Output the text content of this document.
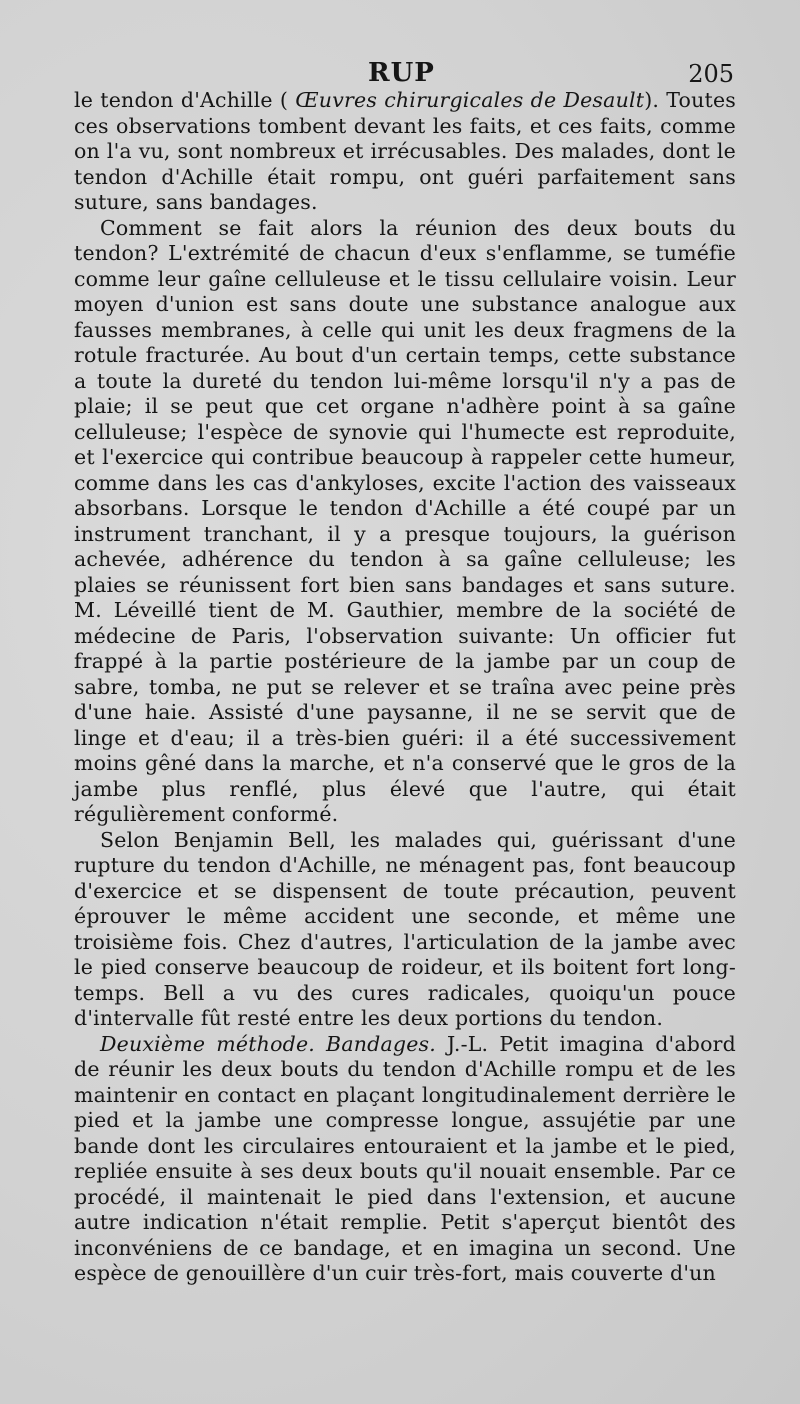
RUP	205

le tendon d'Achille ( Œuvres chirurgicales de Desault). Toutes ces observations tombent devant les faits, et ces faits, comme on l'a vu, sont nombreux et irrécusables. Des malades, dont le tendon d'Achille était rompu, ont guéri parfaitement sans suture, sans bandages.

Comment se fait alors la réunion des deux bouts du tendon? L'extrémité de chacun d'eux s'enflamme, se tuméfie comme leur gaîne celluleuse et le tissu cellulaire voisin. Leur moyen d'union est sans doute une substance analogue aux fausses membranes, à celle qui unit les deux fragmens de la rotule fracturée. Au bout d'un certain temps, cette substance a toute la dureté du tendon lui-même lorsqu'il n'y a pas de plaie; il se peut que cet organe n'adhère point à sa gaîne celluleuse; l'espèce de synovie qui l'humecte est reproduite, et l'exercice qui contribue beaucoup à rappeler cette humeur, comme dans les cas d'ankyloses, excite l'action des vaisseaux absorbans. Lorsque le tendon d'Achille a été coupé par un instrument tranchant, il y a presque toujours, la guérison achevée, adhérence du tendon à sa gaîne celluleuse; les plaies se réunissent fort bien sans bandages et sans suture. M. Léveillé tient de M. Gauthier, membre de la société de médecine de Paris, l'observation suivante: Un officier fut frappé à la partie postérieure de la jambe par un coup de sabre, tomba, ne put se relever et se traîna avec peine près d'une haie. Assisté d'une paysanne, il ne se servit que de linge et d'eau; il a très-bien guéri: il a été successivement moins gêné dans la marche, et n'a conservé que le gros de la jambe plus renflé, plus élevé que l'autre, qui était régulièrement conformé.

Selon Benjamin Bell, les malades qui, guérissant d'une rupture du tendon d'Achille, ne ménagent pas, font beaucoup d'exercice et se dispensent de toute précaution, peuvent éprouver le même accident une seconde, et même une troisième fois. Chez d'autres, l'articulation de la jambe avec le pied conserve beaucoup de roideur, et ils boitent fort long-temps. Bell a vu des cures radicales, quoiqu'un pouce d'intervalle fût resté entre les deux portions du tendon.

Deuxième méthode. Bandages. J.-L. Petit imagina d'abord de réunir les deux bouts du tendon d'Achille rompu et de les maintenir en contact en plaçant longitudinalement derrière le pied et la jambe une compresse longue, assujétie par une bande dont les circulaires entouraient et la jambe et le pied, repliée ensuite à ses deux bouts qu'il nouait ensemble. Par ce procédé, il maintenait le pied dans l'extension, et aucune autre indication n'était remplie. Petit s'aperçut bientôt des inconvéniens de ce bandage, et en imagina un second. Une espèce de genouillère d'un cuir très-fort, mais couverte d'un
